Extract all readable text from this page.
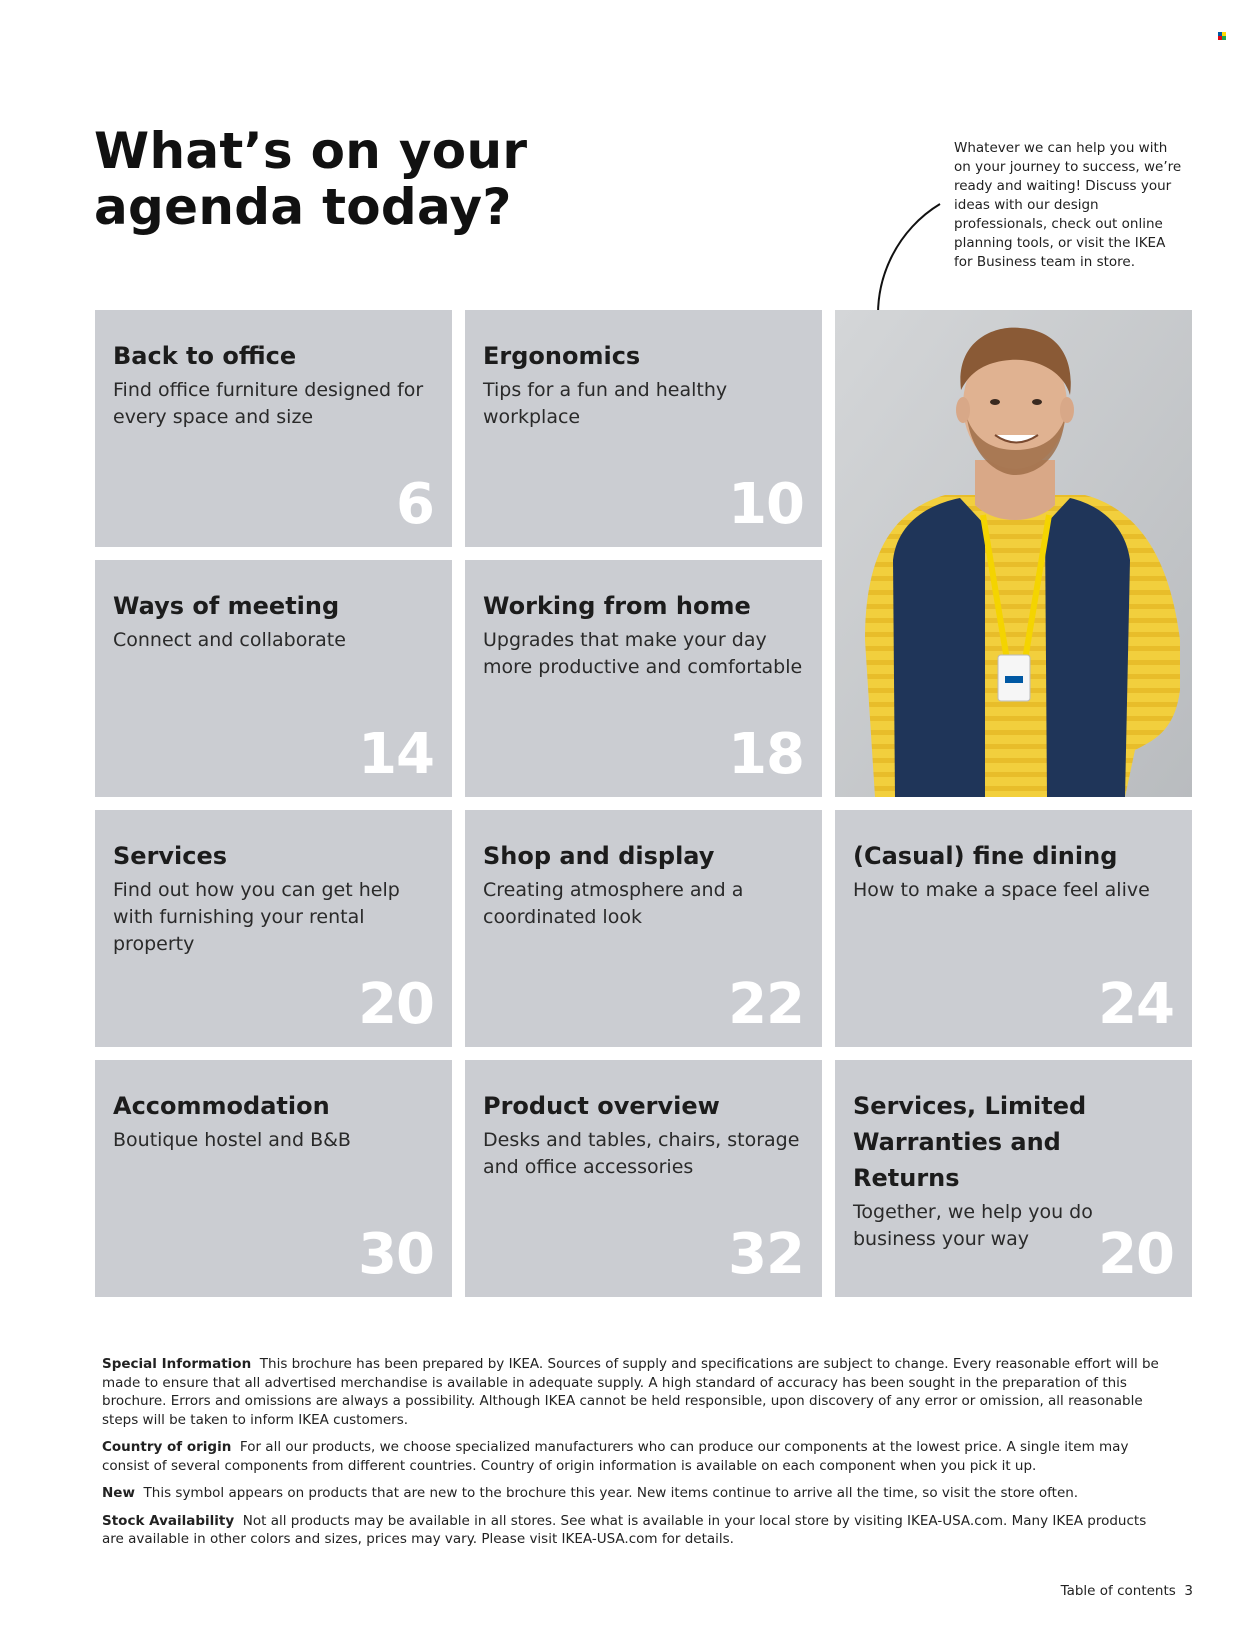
What’s on your
agenda today?

Whatever we can help you with on your journey to success, we’re ready and waiting! Discuss your ideas with our design professionals, check out online planning tools, or visit the IKEA for Business team in store.

Back to office

Find office furniture designed for every space and size

6

Ergonomics

Tips for a fun and healthy workplace

10

Ways of meeting

Connect and collaborate

14

Working from home

Upgrades that make your day more productive and comfortable

18

Services

Find out how you can get help with furnishing your rental property

20

Shop and display

Creating atmosphere and a coordinated look

22

(Casual) fine dining

How to make a space feel alive

24

Accommodation

Boutique hostel and B&B

30

Product overview

Desks and tables, chairs, storage and office accessories

32

Services, Limited Warranties and Returns

Together, we help you do business your way	20

Special Information This brochure has been prepared by IKEA. Sources of supply and specifications are subject to change. Every reasonable effort will be made to ensure that all advertised merchandise is available in adequate supply. A high standard of accuracy has been sought in the preparation of this brochure. Errors and omissions are always a possibility. Although IKEA cannot be held responsible, upon discovery of any error or omission, all reasonable steps will be taken to inform IKEA customers.

Country of origin For all our products, we choose specialized manufacturers who can produce our components at the lowest price. A single item may consist of several components from different countries. Country of origin information is available on each component when you pick it up.

New This symbol appears on products that are new to the brochure this year. New items continue to arrive all the time, so visit the store often.

Stock Availability Not all products may be available in all stores. See what is available in your local store by visiting IKEA-USA.com. Many IKEA products are available in other colors and sizes, prices may vary. Please visit IKEA-USA.com for details.

Table of contents 3
